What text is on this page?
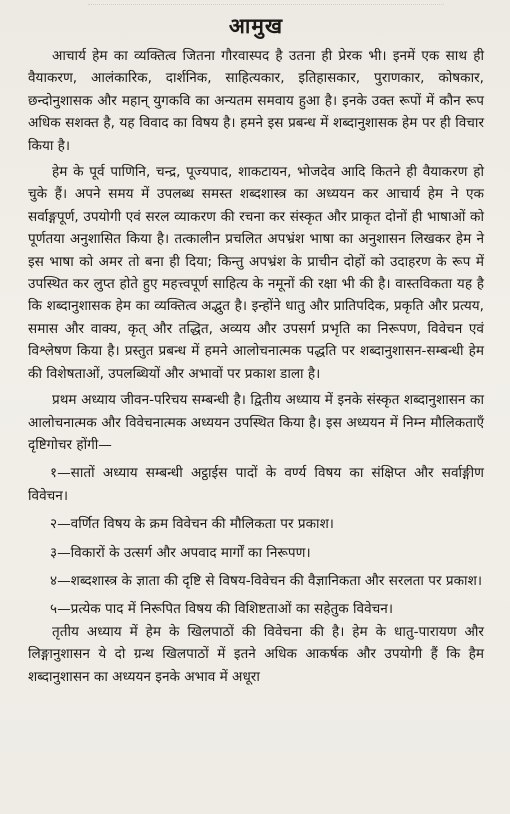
आमुख

आचार्य हेम का व्यक्तित्व जितना गौरवास्पद है उतना ही प्रेरक भी। इनमें एक साथ ही वैयाकरण, आलंकारिक, दार्शनिक, साहित्यकार, इतिहासकार, पुराणकार, कोषकार, छन्दोनुशासक और महान् युगकवि का अन्यतम समवाय हुआ है। इनके उक्त रूपों में कौन रूप अधिक सशक्त है, यह विवाद का विषय है। हमने इस प्रबन्ध में शब्दानुशासक हेम पर ही विचार किया है।

हेम के पूर्व पाणिनि, चन्द्र, पूज्यपाद, शाकटायन, भोजदेव आदि कितने ही वैयाकरण हो चुके हैं। अपने समय में उपलब्ध समस्त शब्दशास्त्र का अध्ययन कर आचार्य हेम ने एक सर्वाङ्गपूर्ण, उपयोगी एवं सरल व्याकरण की रचना कर संस्कृत और प्राकृत दोनों ही भाषाओं को पूर्णतया अनुशासित किया है। तत्कालीन प्रचलित अपभ्रंश भाषा का अनुशासन लिखकर हेम ने इस भाषा को अमर तो बना ही दिया; किन्तु अपभ्रंश के प्राचीन दोहों को उदाहरण के रूप में उपस्थित कर लुप्त होते हुए महत्त्वपूर्ण साहित्य के नमूनों की रक्षा भी की है। वास्तविकता यह है कि शब्दानुशासक हेम का व्यक्तित्व अद्भुत है। इन्होंने धातु और प्रातिपदिक, प्रकृति और प्रत्यय, समास और वाक्य, कृत् और तद्धित, अव्यय और उपसर्ग प्रभृति का निरूपण, विवेचन एवं विश्लेषण किया है। प्रस्तुत प्रबन्ध में हमने आलोचनात्मक पद्धति पर शब्दानुशासन-सम्बन्धी हेम की विशेषताओं, उपलब्धियों और अभावों पर प्रकाश डाला है।

प्रथम अध्याय जीवन-परिचय सम्बन्धी है। द्वितीय अध्याय में इनके संस्कृत शब्दानुशासन का आलोचनात्मक और विवेचनात्मक अध्ययन उपस्थित किया है। इस अध्ययन में निम्न मौलिकताएँ दृष्टिगोचर होंगी—

१—सातों अध्याय सम्बन्धी अट्ठाईस पादों के वर्ण्य विषय का संक्षिप्त और सर्वाङ्गीण विवेचन।

२—वर्णित विषय के क्रम विवेचन की मौलिकता पर प्रकाश।

३—विकारों के उत्सर्ग और अपवाद मार्गों का निरूपण।

४—शब्दशास्त्र के ज्ञाता की दृष्टि से विषय-विवेचन की वैज्ञानिकता और सरलता पर प्रकाश।

५—प्रत्येक पाद में निरूपित विषय की विशिष्टताओं का सहेतुक विवेचन।

तृतीय अध्याय में हेम के खिलपाठों की विवेचना की है। हेम के धातु-पारायण और लिङ्गानुशासन ये दो ग्रन्थ खिलपाठों में इतने अधिक आकर्षक और उपयोगी हैं कि हैम शब्दानुशासन का अध्ययन इनके अभाव में अधूरा
